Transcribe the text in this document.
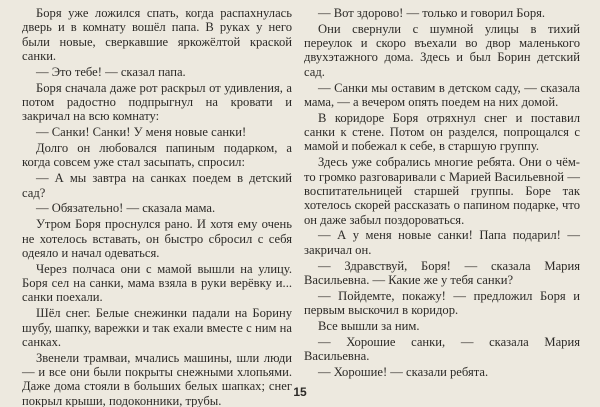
Боря уже ложился спать, когда распахнулась дверь и в комнату вошёл папа. В руках у него были новые, сверкавшие яркожёлтой краской санки.

— Это тебе! — сказал папа.

Боря сначала даже рот раскрыл от удивления, а потом радостно подпрыгнул на кровати и закричал на всю комнату:

— Санки! Санки! У меня новые санки!

Долго он любовался папиным подарком, а когда совсем уже стал засыпать, спросил:

— А мы завтра на санках поедем в детский сад?

— Обязательно! — сказала мама.

Утром Боря проснулся рано. И хотя ему очень не хотелось вставать, он быстро сбросил с себя одеяло и начал одеваться.

Через полчаса они с мамой вышли на улицу. Боря сел на санки, мама взяла в руки верёвку и... санки поехали.

Шёл снег. Белые снежинки падали на Борину шубу, шапку, варежки и так ехали вместе с ним на санках.

Звенели трамваи, мчались машины, шли люди — и все они были покрыты снежными хлопьями. Даже дома стояли в больших белых шапках; снег покрыл крыши, подоконники, трубы.

— Вот здорово! — только и говорил Боря.

Они свернули с шумной улицы в тихий переулок и скоро въехали во двор маленького двухэтажного дома. Здесь и был Борин детский сад.

— Санки мы оставим в детском саду, — сказала мама, — а вечером опять поедем на них домой.

В коридоре Боря отряхнул снег и поставил санки к стене. Потом он разделся, попрощался с мамой и побежал к себе, в старшую группу.

Здесь уже собрались многие ребята. Они о чём-то громко разговаривали с Марией Васильевной — воспитательницей старшей группы. Боре так хотелось скорей рассказать о папином подарке, что он даже забыл поздороваться.

— А у меня новые санки! Папа подарил! — закричал он.

— Здравствуй, Боря! — сказала Мария Васильевна. — Какие же у тебя санки?

— Пойдемте, покажу! — предложил Боря и первым выскочил в коридор.

Все вышли за ним.

— Хорошие санки, — сказала Мария Васильевна.

— Хорошие! — сказали ребята.

15
